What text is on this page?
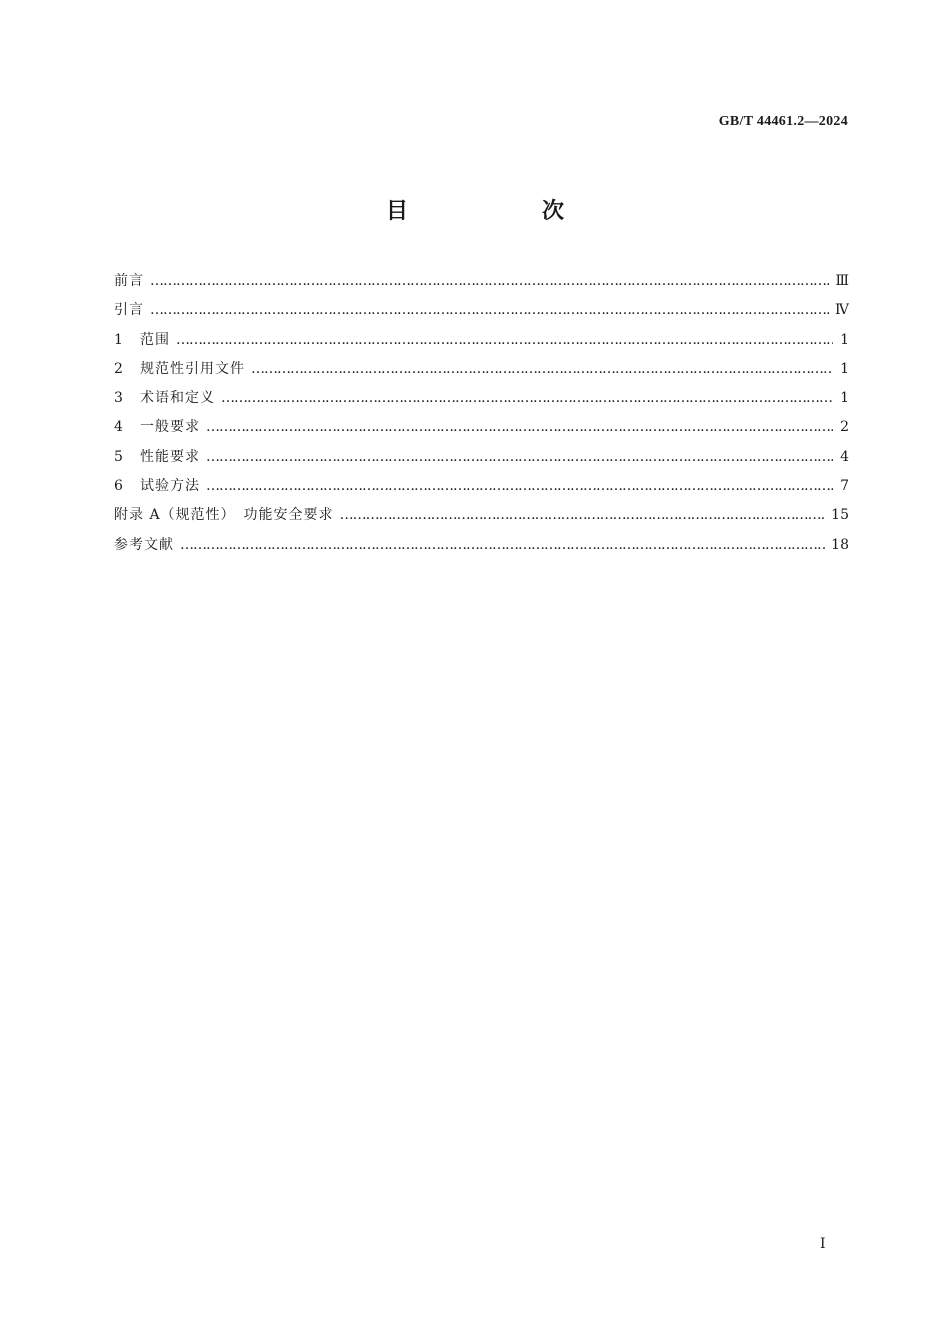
GB/T 44461.2—2024
目　次
前言 …………………………………………………………………………………………………………………………………………………………………………………………	Ⅲ
引言 …………………………………………………………………………………………………………………………………………………………………………………………	Ⅳ
1	范围 …………………………………………………………………………………………………………………………………………………………………………………………	1
2	规范性引用文件 …………………………………………………………………………………………………………………………………………………………………………………………	1
3	术语和定义 …………………………………………………………………………………………………………………………………………………………………………………………	1
4	一般要求 …………………………………………………………………………………………………………………………………………………………………………………………	2
5	性能要求 …………………………………………………………………………………………………………………………………………………………………………………………	4
6	试验方法 …………………………………………………………………………………………………………………………………………………………………………………………	7
附录 A（规范性）　功能安全要求 …………………………………………………………………………………………………………………………………………………………………………………………	15
参考文献 …………………………………………………………………………………………………………………………………………………………………………………………	18
Ⅰ
